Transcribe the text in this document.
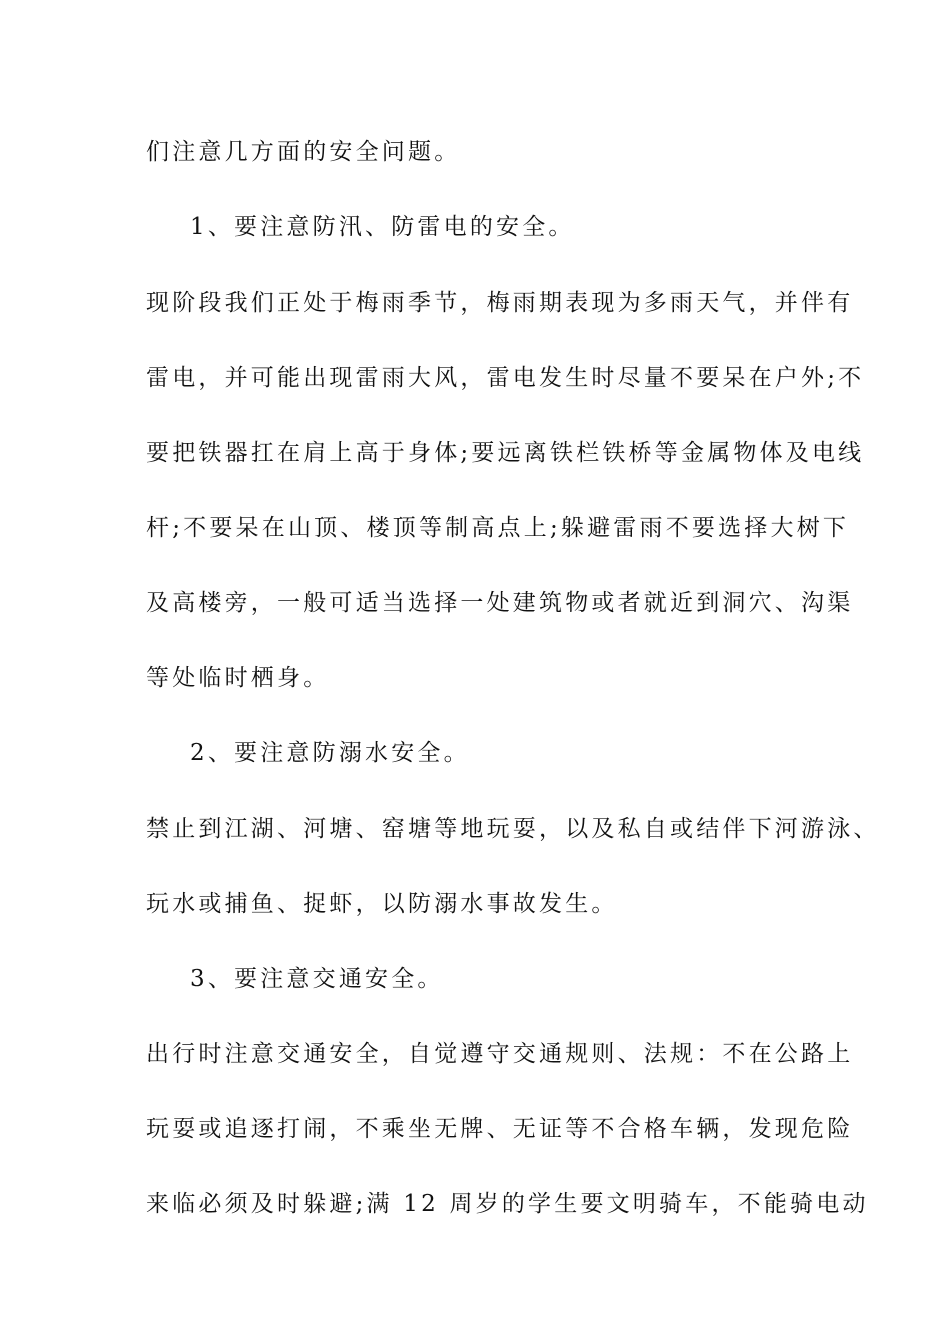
们注意几方面的安全问题。
1、要注意防汛、防雷电的安全。
现阶段我们正处于梅雨季节，梅雨期表现为多雨天气，并伴有
雷电，并可能出现雷雨大风，雷电发生时尽量不要呆在户外;不
要把铁器扛在肩上高于身体;要远离铁栏铁桥等金属物体及电线
杆;不要呆在山顶、楼顶等制高点上;躲避雷雨不要选择大树下
及高楼旁，一般可适当选择一处建筑物或者就近到洞穴、沟渠
等处临时栖身。
2、要注意防溺水安全。
禁止到江湖、河塘、窑塘等地玩耍，以及私自或结伴下河游泳、
玩水或捕鱼、捉虾，以防溺水事故发生。
3、要注意交通安全。
出行时注意交通安全，自觉遵守交通规则、法规：不在公路上
玩耍或追逐打闹，不乘坐无牌、无证等不合格车辆，发现危险
来临必须及时躲避;满 12 周岁的学生要文明骑车，不能骑电动
